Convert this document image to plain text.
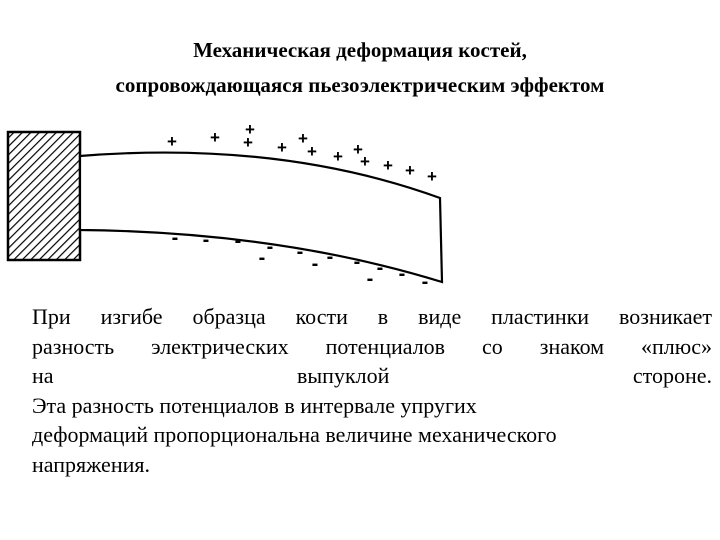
Механическая деформация костей,
сопровождающаяся пьезоэлектрическим эффектом
+ + + + + + + + + +
+	+
+
- - - - - - - - - -
- -
-

При изгибе образца кости в виде пластинки возникает
разность электрических потенциалов со знаком «плюс»
на выпуклой стороне.

Эта разность потенциалов в интервале упругих
деформаций пропорциональна величине механического
напряжения.
